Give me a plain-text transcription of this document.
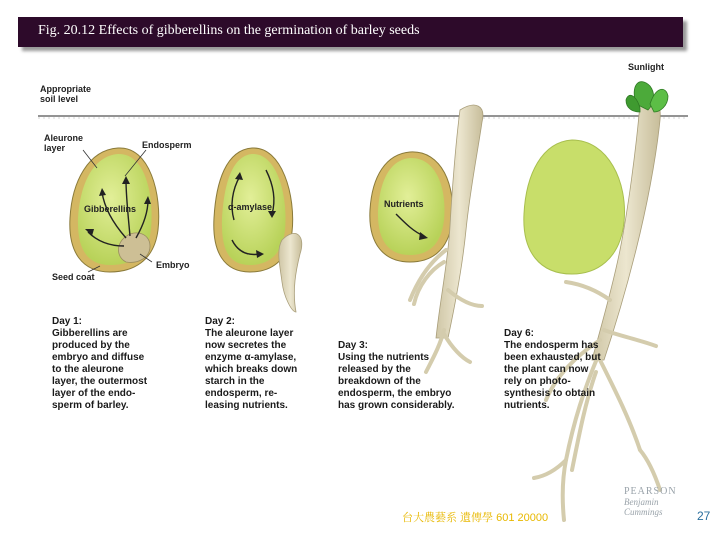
Fig. 20.12 Effects of gibberellins on the germination of barley seeds
Sunlight
Appropriate
soil level
Aleurone
layer	Endosperm
Gibberellins
Embryo
Seed coat
α-amylase	Nutrients
Day 1:
Gibberellins are
produced by the
embryo and diffuse
to the aleurone
layer, the outermost
layer of the endo-
sperm of barley.
Day 2:
The aleurone layer
now secretes the
enzyme α-amylase,
which breaks down
starch in the
endosperm, re-
leasing nutrients.
Day 3:
Using the nutrients
released by the
breakdown of the
endosperm, the embryo
has grown considerably.
Day 6:
The endosperm has
been exhausted, but
the plant can now
rely on photo-
synthesis to obtain
nutrients.
PEARSON
Benjamin
Cummings
台大農藝系 遺傳學 601 20000	27
